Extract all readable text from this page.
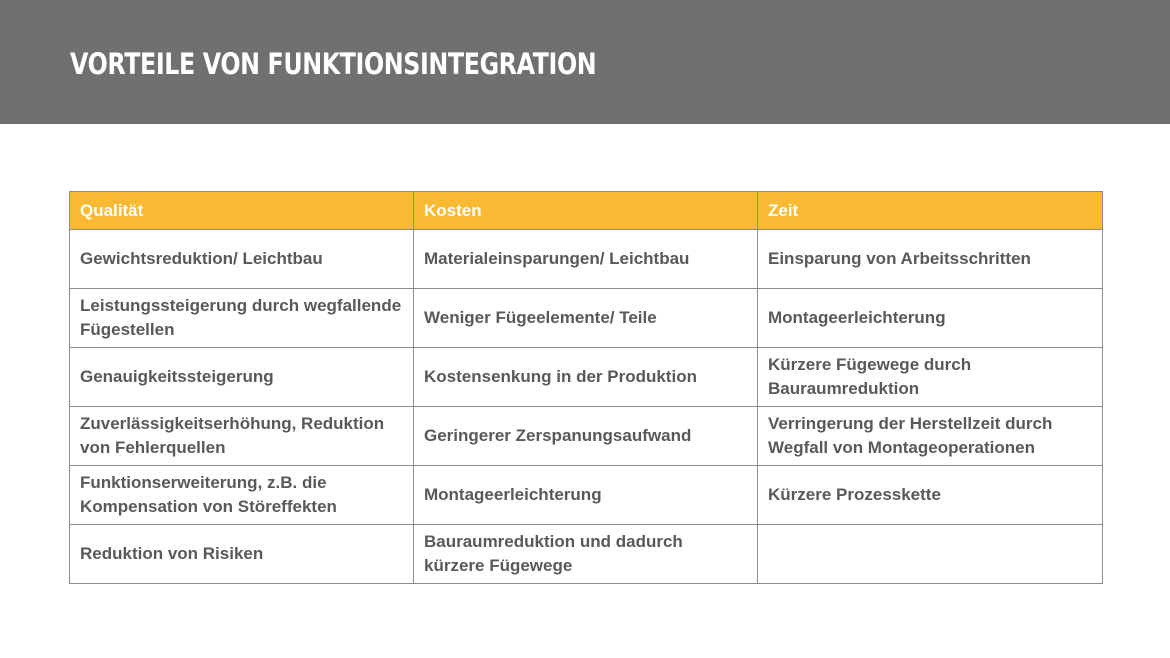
VORTEILE VON FUNKTIONSINTEGRATION
Qualität	Kosten	Zeit
Gewichtsreduktion/ Leichtbau	Materialeinsparungen/ Leichtbau	Einsparung von Arbeitsschritten
Leistungssteigerung durch wegfallende Fügestellen	Weniger Fügeelemente/ Teile	Montageerleichterung
Genauigkeitssteigerung	Kostensenkung in der Produktion	Kürzere Fügewege durch Bauraumreduktion
Zuverlässigkeitserhöhung, Reduktion von Fehlerquellen	Geringerer Zerspanungsaufwand	Verringerung der Herstellzeit durch Wegfall von Montageoperationen
Funktionserweiterung, z.B. die Kompensation von Störeffekten	Montageerleichterung	Kürzere Prozesskette
Reduktion von Risiken	Bauraumreduktion und dadurch kürzere Fügewege	
